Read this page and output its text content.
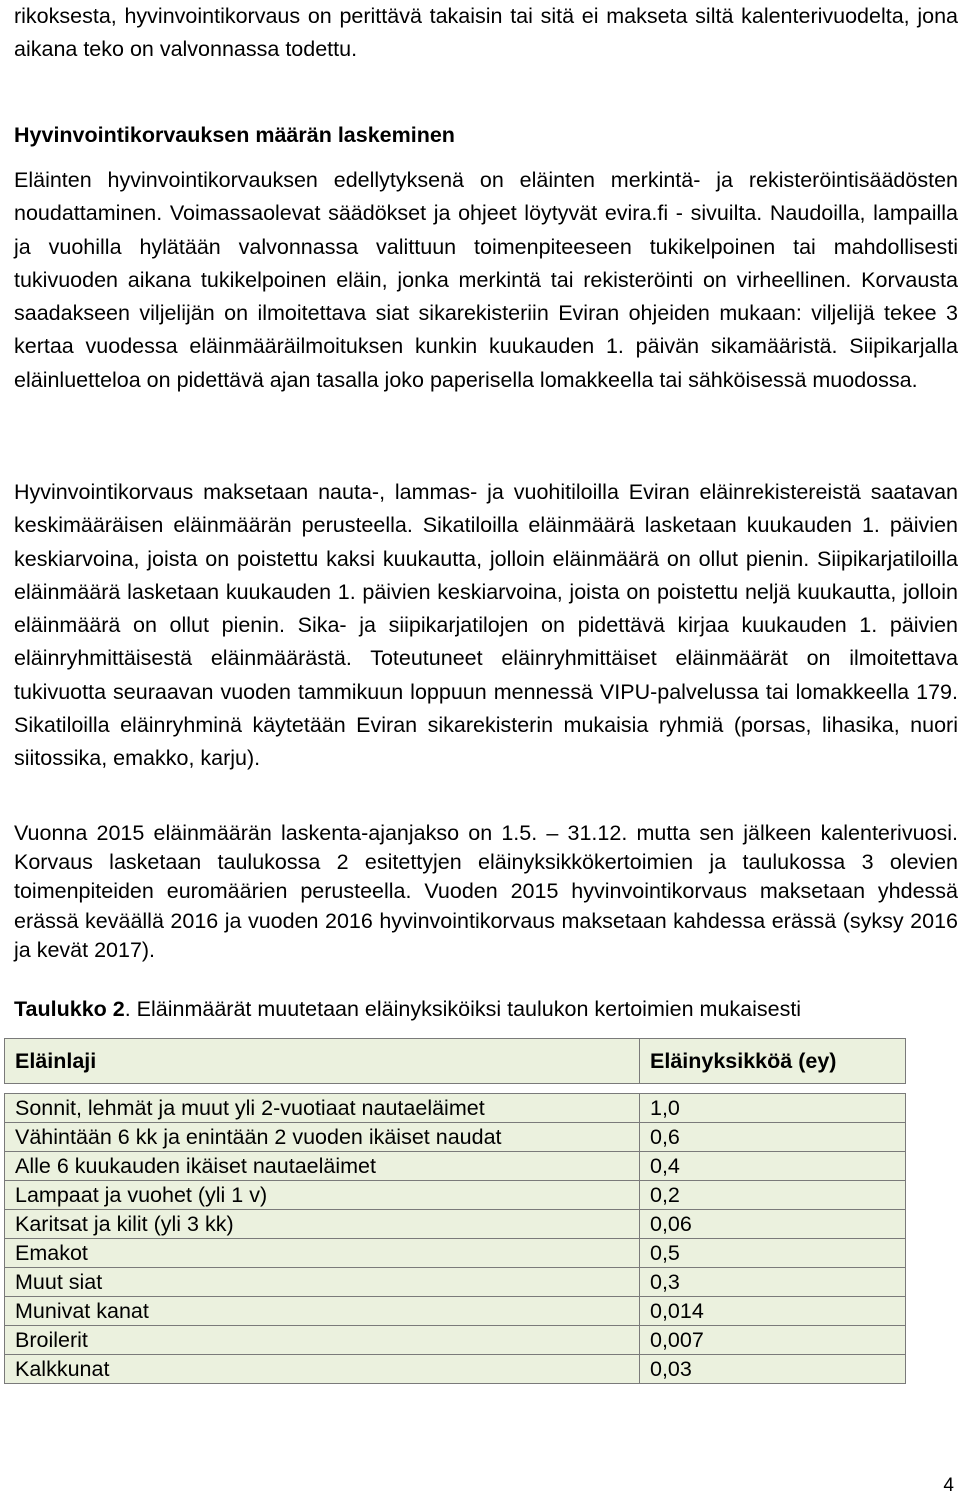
rikoksesta, hyvinvointikorvaus on perittävä takaisin tai sitä ei makseta siltä kalenterivuodelta, jona aikana teko on valvonnassa todettu.
Hyvinvointikorvauksen määrän laskeminen
Eläinten hyvinvointikorvauksen edellytyksenä on eläinten merkintä- ja rekisteröintisäädösten noudattaminen. Voimassaolevat säädökset ja ohjeet löytyvät evira.fi - sivuilta. Naudoilla, lampailla ja vuohilla hylätään valvonnassa valittuun toimenpiteeseen tukikelpoinen tai mahdollisesti tukivuoden aikana tukikelpoinen eläin, jonka merkintä tai rekisteröinti on virheellinen. Korvausta saadakseen viljelijän on ilmoitettava siat sikarekisteriin Eviran ohjeiden mukaan: viljelijä tekee 3 kertaa vuodessa eläinmääräilmoituksen kunkin kuukauden 1. päivän sikamääristä. Siipikarjalla eläinluetteloa on pidettävä ajan tasalla joko paperisella lomakkeella tai sähköisessä muodossa.
Hyvinvointikorvaus maksetaan nauta-, lammas- ja vuohitiloilla Eviran eläinrekistereistä saatavan keskimääräisen eläinmäärän perusteella. Sikatiloilla eläinmäärä lasketaan kuukauden 1. päivien keskiarvoina, joista on poistettu kaksi kuukautta, jolloin eläinmäärä on ollut pienin. Siipikarjatiloilla eläinmäärä lasketaan kuukauden 1. päivien keskiarvoina, joista on poistettu neljä kuukautta, jolloin eläinmäärä on ollut pienin. Sika- ja siipikarjatilojen on pidettävä kirjaa kuukauden 1. päivien eläinryhmittäisestä eläinmäärästä. Toteutuneet eläinryhmittäiset eläinmäärät on ilmoitettava tukivuotta seuraavan vuoden tammikuun loppuun mennessä VIPU-palvelussa tai lomakkeella 179. Sikatiloilla eläinryhminä käytetään Eviran sikarekisterin mukaisia ryhmiä (porsas, lihasika, nuori siitossika, emakko, karju).
Vuonna 2015 eläinmäärän laskenta-ajanjakso on 1.5. – 31.12. mutta sen jälkeen kalenterivuosi. Korvaus lasketaan taulukossa 2 esitettyjen eläinyksikkökertoimien ja taulukossa 3 olevien toimenpiteiden euromäärien perusteella. Vuoden 2015 hyvinvointikorvaus maksetaan yhdessä erässä keväällä 2016 ja vuoden 2016 hyvinvointikorvaus maksetaan kahdessa erässä (syksy 2016 ja kevät 2017).
Taulukko 2. Eläinmäärät muutetaan eläinyksiköiksi taulukon kertoimien mukaisesti
Eläinlaji	Eläinyksikköä (ey)

Sonnit, lehmät ja muut yli 2-vuotiaat nautaeläimet	1,0
Vähintään 6 kk ja enintään 2 vuoden ikäiset naudat	0,6
Alle 6 kuukauden ikäiset nautaeläimet	0,4
Lampaat ja vuohet (yli 1 v)	0,2
Karitsat ja kilit (yli 3 kk)	0,06
Emakot	0,5
Muut siat	0,3
Munivat kanat	0,014
Broilerit	0,007
Kalkkunat	0,03
4
